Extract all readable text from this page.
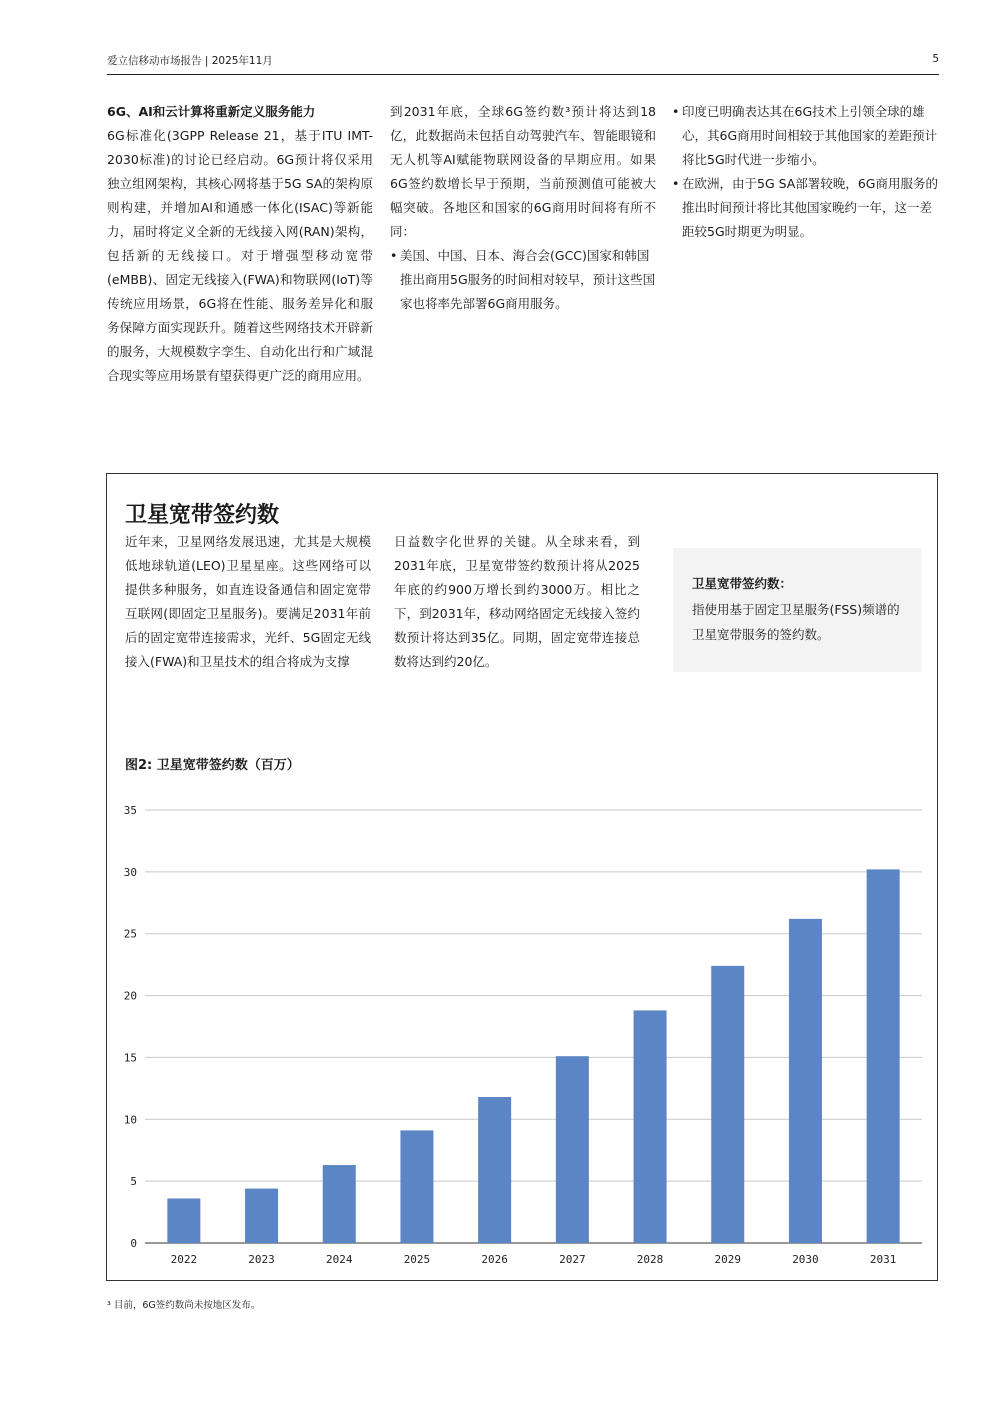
爱立信移动市场报告 | 2025年11月	5

6G、AI和云计算将重新定义服务能力

6G标准化(3GPP Release 21，基于ITU IMT-2030标准)的讨论已经启动。6G预计将仅采用独立组网架构，其核心网将基于5G SA的架构原则构建，并增加AI和通感一体化(ISAC)等新能力，届时将定义全新的无线接入网(RAN)架构，包括新的无线接口。对于增强型移动宽带(eMBB)、固定无线接入(FWA)和物联网(IoT)等传统应用场景，6G将在性能、服务差异化和服务保障方面实现跃升。随着这些网络技术开辟新的服务，大规模数字孪生、自动化出行和广域混合现实等应用场景有望获得更广泛的商用应用。

到2031年底，全球6G签约数³预计将达到18亿，此数据尚未包括自动驾驶汽车、智能眼镜和无人机等AI赋能物联网设备的早期应用。如果6G签约数增长早于预期，当前预测值可能被大幅突破。各地区和国家的6G商用时间将有所不同：

• 美国、中国、日本、海合会(GCC)国家和韩国推出商用5G服务的时间相对较早，预计这些国家也将率先部署6G商用服务。

• 印度已明确表达其在6G技术上引领全球的雄心，其6G商用时间相较于其他国家的差距预计将比5G时代进一步缩小。

• 在欧洲，由于5G SA部署较晚，6G商用服务的推出时间预计将比其他国家晚约一年，这一差距较5G时期更为明显。

卫星宽带签约数

近年来，卫星网络发展迅速，尤其是大规模低地球轨道(LEO)卫星星座。这些网络可以提供多种服务，如直连设备通信和固定宽带互联网(即固定卫星服务)。要满足2031年前后的固定宽带连接需求，光纤、5G固定无线接入(FWA)和卫星技术的组合将成为支撑

日益数字化世界的关键。从全球来看，到2031年底，卫星宽带签约数预计将从2025年底的约900万增长到约3000万。相比之下，到2031年，移动网络固定无线接入签约数预计将达到35亿。同期，固定宽带连接总数将达到约20亿。

卫星宽带签约数：
指使用基于固定卫星服务(FSS)频谱的卫星宽带服务的签约数。
图2: 卫星宽带签约数（百万）
0
5
10
15
20
25
30
35
2022	2023	2024	2025	2026	2027	2028	2029	2030	2031
³ 目前，6G签约数尚未按地区发布。
